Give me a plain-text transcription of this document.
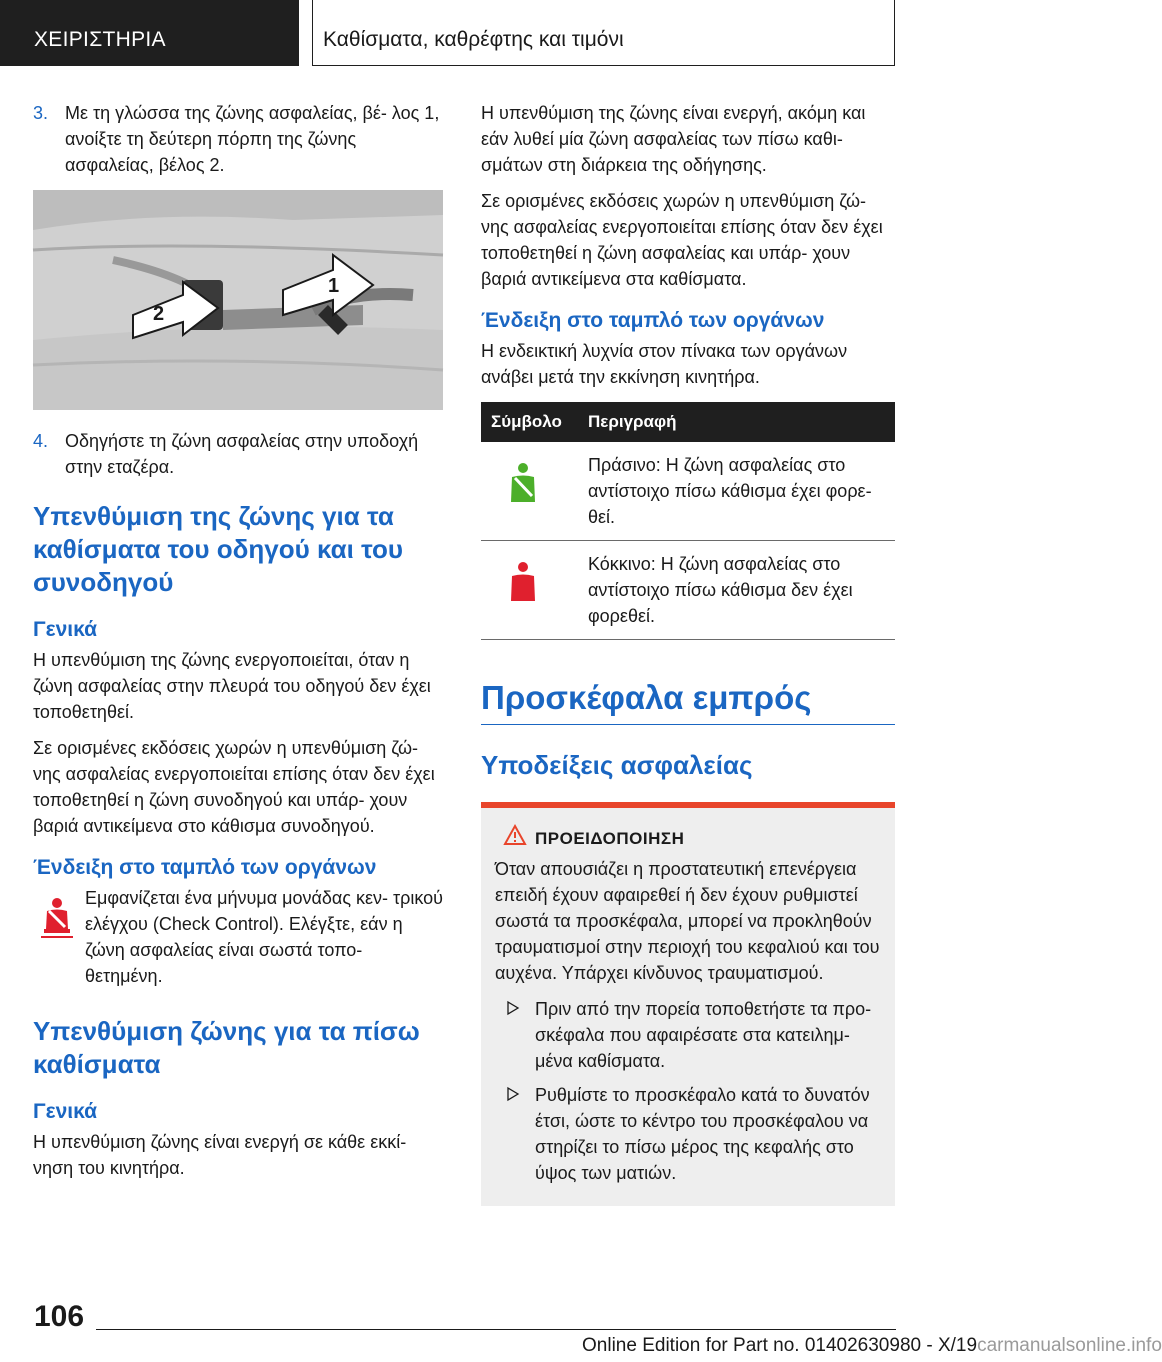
ΧΕΙΡΙΣΤΗΡΙΑ	Καθίσματα, καθρέφτης και τιμόνι
3. Με τη γλώσσα της ζώνης ασφαλείας, βέ- λος 1, ανοίξτε τη δεύτερη πόρπη της ζώνης ασφαλείας, βέλος 2.
1
2
4. Οδηγήστε τη ζώνη ασφαλείας στην υποδοχή στην εταζέρα.
Υπενθύμιση της ζώνης για τα καθίσματα του οδηγού και του συνοδηγού
Γενικά

Η υπενθύμιση της ζώνης ενεργοποιείται, όταν η ζώνη ασφαλείας στην πλευρά του οδηγού δεν έχει τοποθετηθεί.

Σε ορισμένες εκδόσεις χωρών η υπενθύμιση ζώ- νης ασφαλείας ενεργοποιείται επίσης όταν δεν έχει τοποθετηθεί η ζώνη συνοδηγού και υπάρ- χουν βαριά αντικείμενα στο κάθισμα συνοδηγού.

Ένδειξη στο ταμπλό των οργάνων
Εμφανίζεται ένα μήνυμα μονάδας κεν- τρικού ελέγχου (Check Control). Ελέγξτε, εάν η ζώνη ασφαλείας είναι σωστά τοπο- θετημένη.
Υπενθύμιση ζώνης για τα πίσω καθίσματα
Γενικά

Η υπενθύμιση ζώνης είναι ενεργή σε κάθε εκκί- νηση του κινητήρα.

Η υπενθύμιση της ζώνης είναι ενεργή, ακόμη και εάν λυθεί μία ζώνη ασφαλείας των πίσω καθι- σμάτων στη διάρκεια της οδήγησης.

Σε ορισμένες εκδόσεις χωρών η υπενθύμιση ζώ- νης ασφαλείας ενεργοποιείται επίσης όταν δεν έχει τοποθετηθεί η ζώνη ασφαλείας και υπάρ- χουν βαριά αντικείμενα στα καθίσματα.

Ένδειξη στο ταμπλό των οργάνων

Η ενδεικτική λυχνία στον πίνακα των οργάνων ανάβει μετά την εκκίνηση κινητήρα.

Σύμβολο	Περιγραφή

	Πράσινο: Η ζώνη ασφαλείας στο αντίστοιχο πίσω κάθισμα έχει φορε- θεί.

	Κόκκινο: Η ζώνη ασφαλείας στο αντίστοιχο πίσω κάθισμα δεν έχει φορεθεί.
Προσκέφαλα εμπρός
Υποδείξεις ασφαλείας
ΠΡΟΕΙΔΟΠΟΙΗΣΗ

Όταν απουσιάζει η προστατευτική επενέργεια επειδή έχουν αφαιρεθεί ή δεν έχουν ρυθμιστεί σωστά τα προσκέφαλα, μπορεί να προκληθούν τραυματισμοί στην περιοχή του κεφαλιού και του αυχένα. Υπάρχει κίνδυνος τραυματισμού.

Πριν από την πορεία τοποθετήστε τα προ- σκέφαλα που αφαιρέσατε στα κατειλημ- μένα καθίσματα.
Ρυθμίστε το προσκέφαλο κατά το δυνατόν έτσι, ώστε το κέντρο του προσκέφαλου να στηρίζει το πίσω μέρος της κεφαλής στο ύψος των ματιών.
106
Online Edition for Part no. 01402630980 - X/19carmanualsonline.info
